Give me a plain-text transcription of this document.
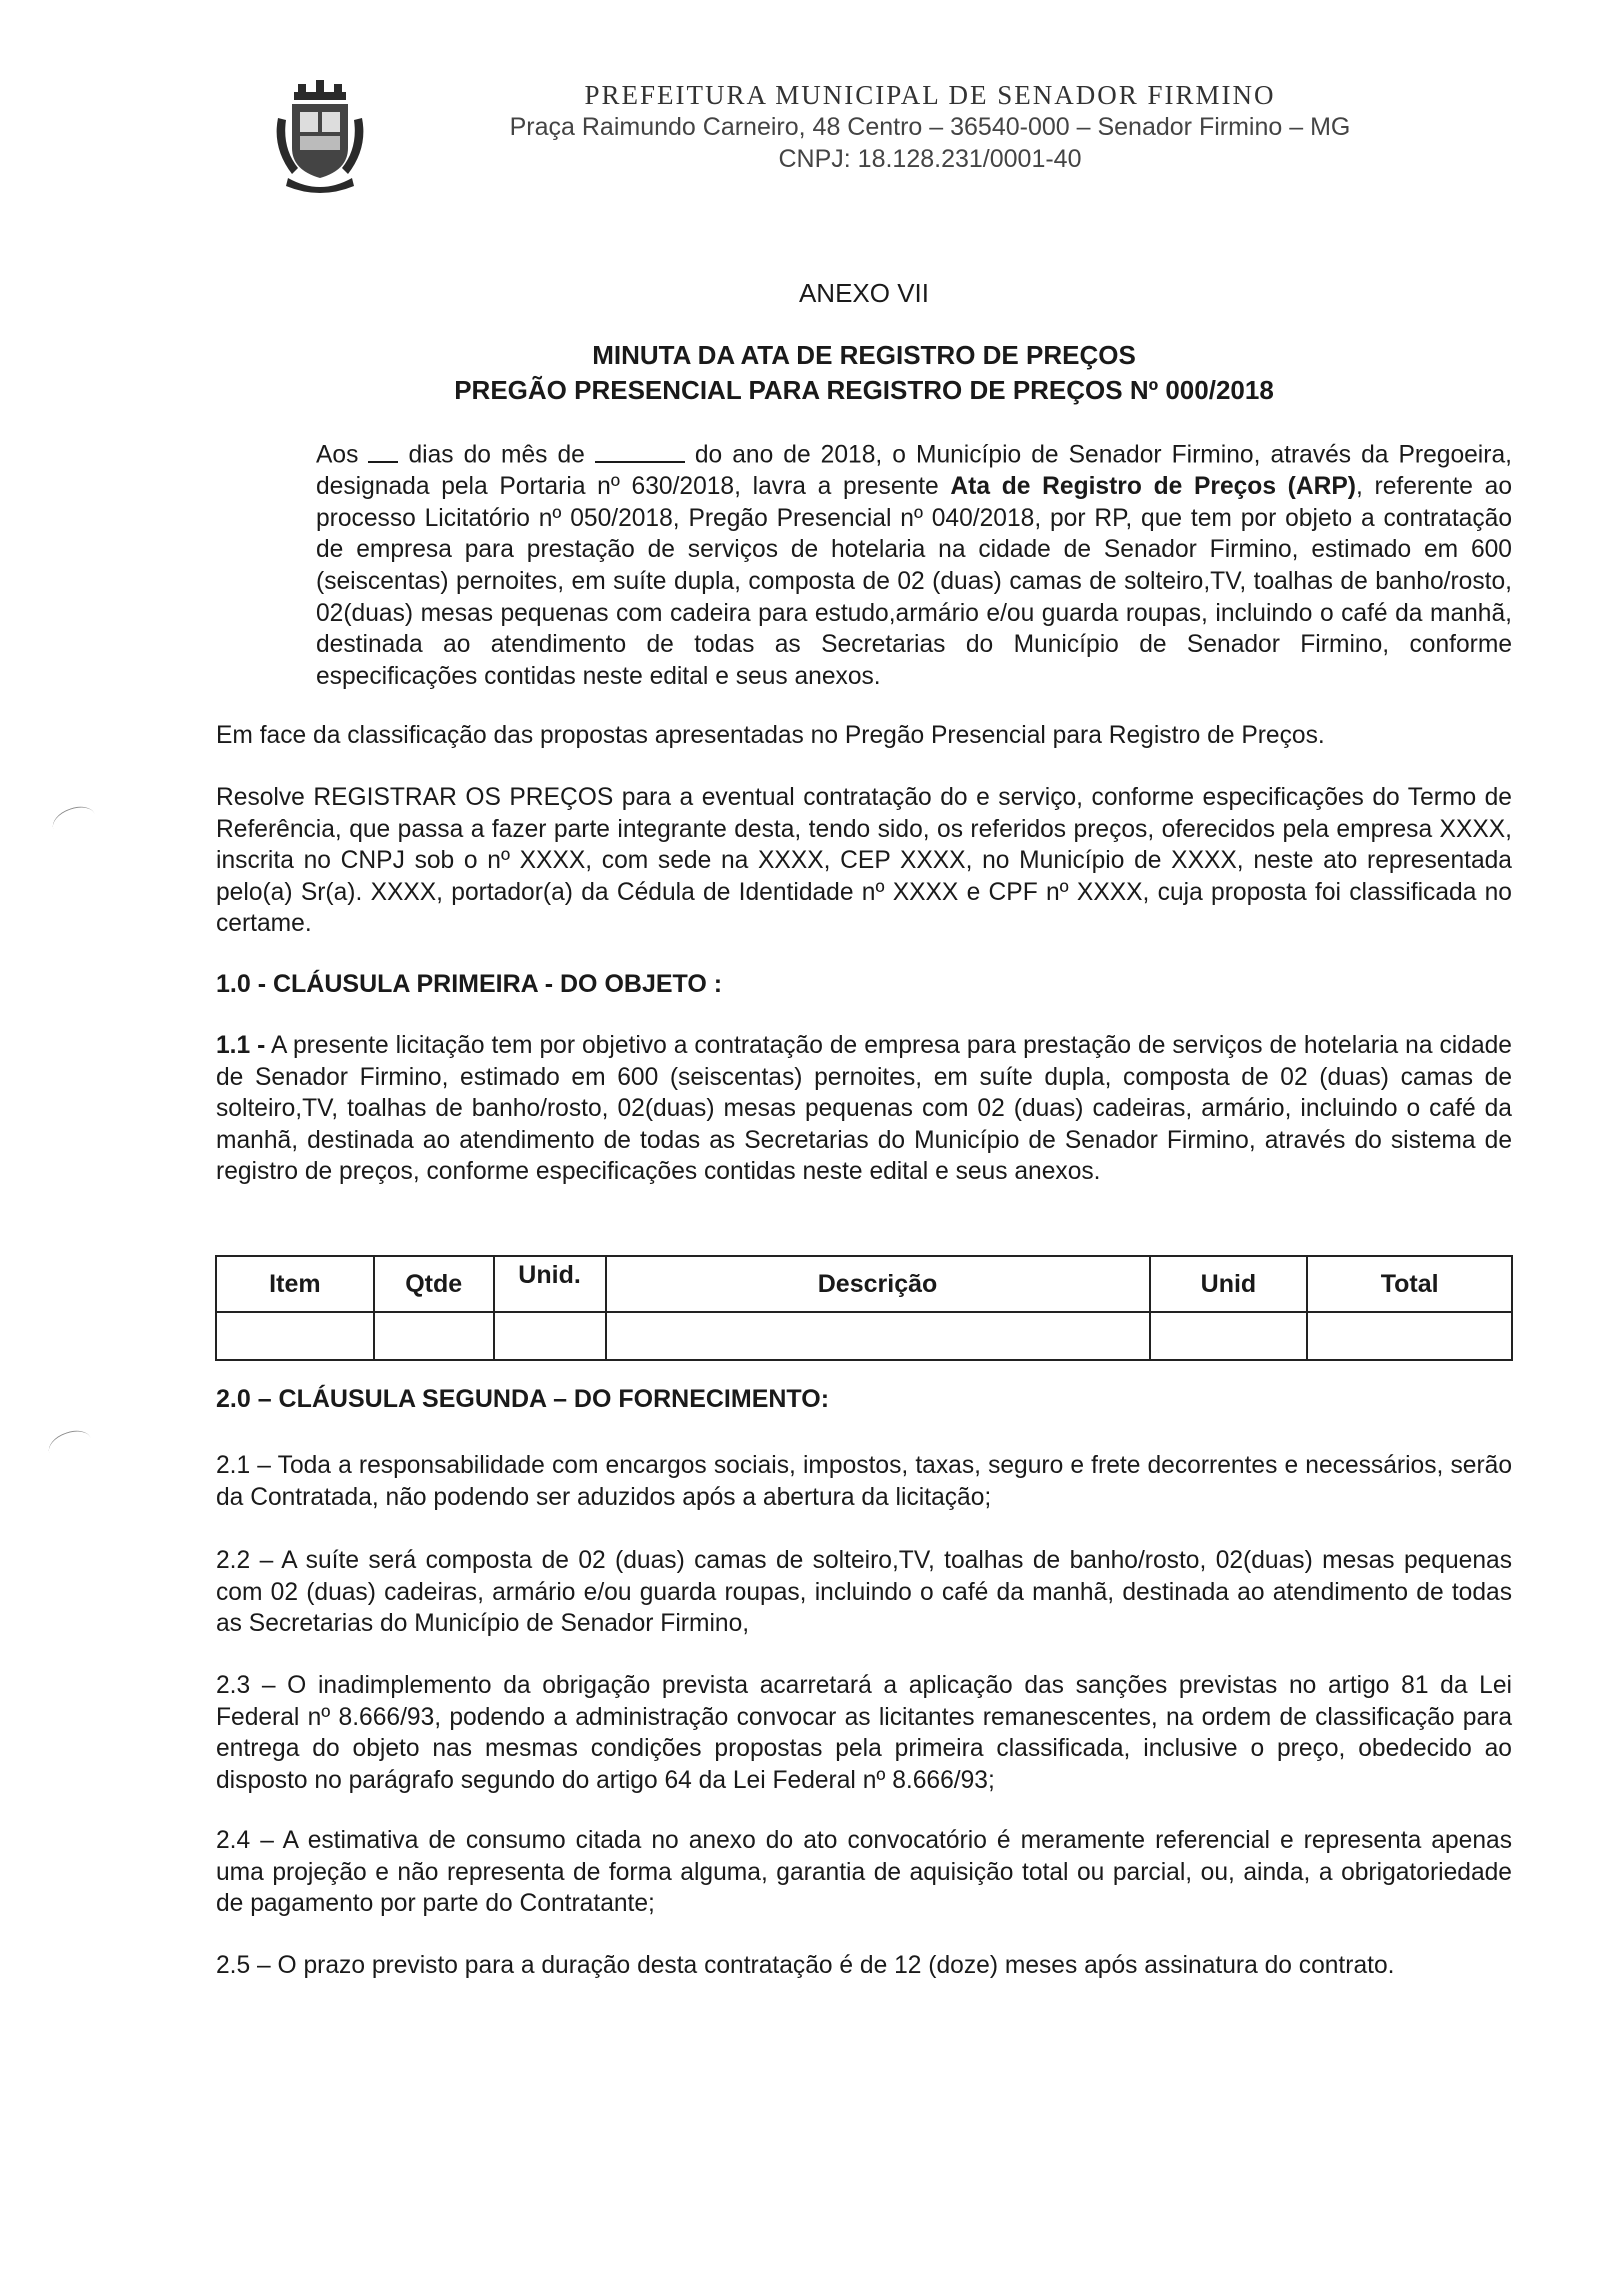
PREFEITURA MUNICIPAL DE SENADOR FIRMINO
Praça Raimundo Carneiro, 48 Centro – 36540-000 – Senador Firmino – MG
CNPJ: 18.128.231/0001-40
ANEXO VII
MINUTA DA ATA DE REGISTRO DE PREÇOS
PREGÃO PRESENCIAL PARA REGISTRO DE PREÇOS Nº 000/2018

Aos dias do mês de	do ano de 2018, o Município de Senador Firmino, através da Pregoeira, designada pela Portaria nº 630/2018, lavra a presente Ata de Registro de Preços (ARP), referente ao processo Licitatório nº 050/2018, Pregão Presencial nº 040/2018, por RP, que tem por objeto a contratação de empresa para prestação de serviços de hotelaria na cidade de Senador Firmino, estimado em 600 (seiscentas) pernoites, em suíte dupla, composta de 02 (duas) camas de solteiro,TV, toalhas de banho/rosto, 02(duas) mesas pequenas com cadeira para estudo,armário e/ou guarda roupas, incluindo o café da manhã, destinada ao atendimento de todas as Secretarias do Município de Senador Firmino, conforme especificações contidas neste edital e seus anexos.

Em face da classificação das propostas apresentadas no Pregão Presencial para Registro de Preços.
Resolve REGISTRAR OS PREÇOS para a eventual contratação do e serviço, conforme especificações do Termo de Referência, que passa a fazer parte integrante desta, tendo sido, os referidos preços, oferecidos pela empresa XXXX, inscrita no CNPJ sob o nº XXXX, com sede na XXXX, CEP XXXX, no Município de XXXX, neste ato representada pelo(a) Sr(a). XXXX, portador(a) da Cédula de Identidade nº XXXX e CPF nº XXXX, cuja proposta foi classificada no certame.
1.0 - CLÁUSULA PRIMEIRA - DO OBJETO :
1.1 - A presente licitação tem por objetivo a contratação de empresa para prestação de serviços de hotelaria na cidade de Senador Firmino, estimado em 600 (seiscentas) pernoites, em suíte dupla, composta de 02 (duas) camas de solteiro,TV, toalhas de banho/rosto, 02(duas) mesas pequenas com 02 (duas) cadeiras, armário, incluindo o café da manhã, destinada ao atendimento de todas as Secretarias do Município de Senador Firmino, através do sistema de registro de preços, conforme especificações contidas neste edital e seus anexos.
Item	Qtde	Unid.	Descrição	Unid	Total

2.0 – CLÁUSULA SEGUNDA – DO FORNECIMENTO:
2.1 – Toda a responsabilidade com encargos sociais, impostos, taxas, seguro e frete decorrentes e necessários, serão da Contratada, não podendo ser aduzidos após a abertura da licitação;
2.2 – A suíte será composta de 02 (duas) camas de solteiro,TV, toalhas de banho/rosto, 02(duas) mesas pequenas com 02 (duas) cadeiras, armário e/ou guarda roupas, incluindo o café da manhã, destinada ao atendimento de todas as Secretarias do Município de Senador Firmino,
2.3 – O inadimplemento da obrigação prevista acarretará a aplicação das sanções previstas no artigo 81 da Lei Federal nº 8.666/93, podendo a administração convocar as licitantes remanescentes, na ordem de classificação para entrega do objeto nas mesmas condições propostas pela primeira classificada, inclusive o preço, obedecido ao disposto no parágrafo segundo do artigo 64 da Lei Federal nº 8.666/93;
2.4 – A estimativa de consumo citada no anexo do ato convocatório é meramente referencial e representa apenas uma projeção e não representa de forma alguma, garantia de aquisição total ou parcial, ou, ainda, a obrigatoriedade de pagamento por parte do Contratante;
2.5 – O prazo previsto para a duração desta contratação é de 12 (doze) meses após assinatura do contrato.
